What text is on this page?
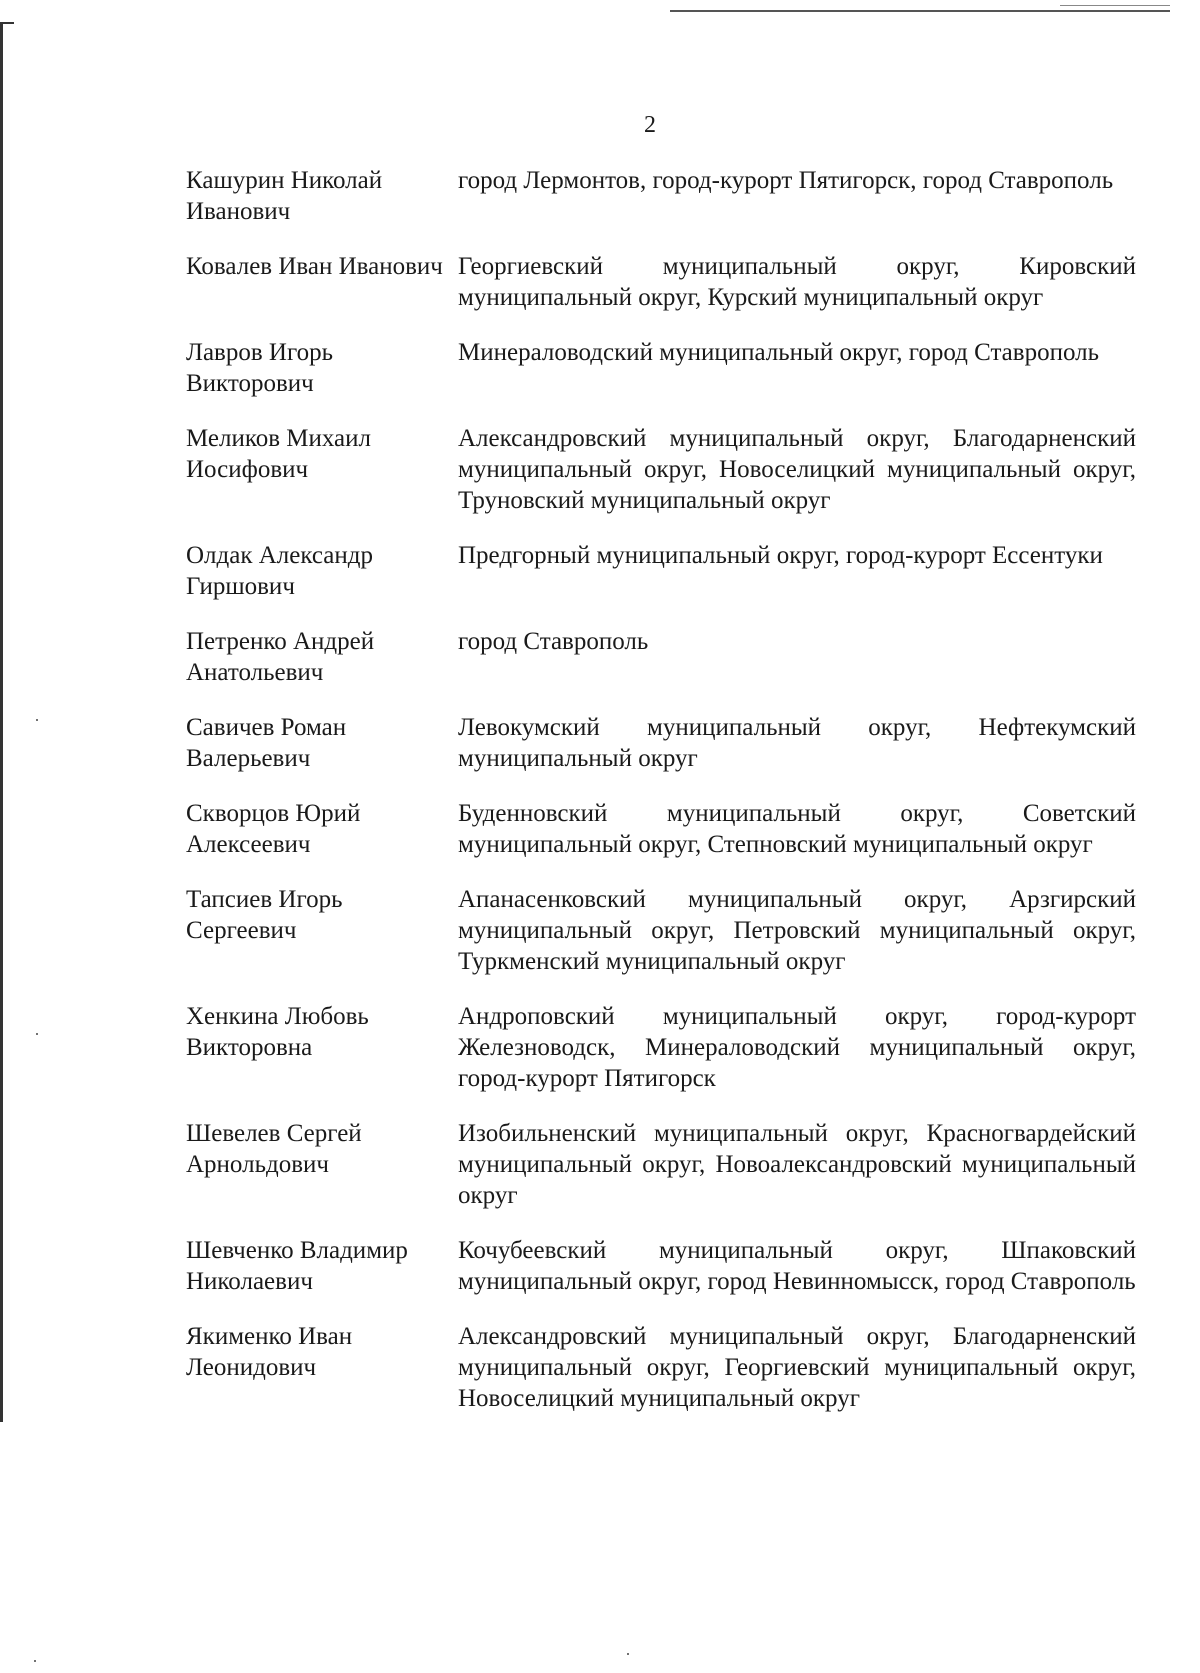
2
Кашурин Николай Иванович
город Лермонтов, город-курорт Пятигорск, город Ставрополь
Ковалев Иван Иванович Георгиевский муниципальный округ, Кировский муниципальный округ, Курский муниципальный округ
Лавров Игорь Викторович
Минераловодский муниципальный округ, город Ставрополь
Меликов Михаил Иосифович
Александровский муниципальный округ, Благодарненский муниципальный округ, Новоселицкий муниципальный округ, Труновский муниципальный округ
Олдак Александр Гиршович
Предгорный муниципальный округ, город-курорт Ессентуки
Петренко Андрей Анатольевич
город Ставрополь
Савичев Роман Валерьевич
Левокумский муниципальный округ, Нефтекумский муниципальный округ
Скворцов Юрий Алексеевич
Буденновский муниципальный округ, Советский муниципальный округ, Степновский муниципальный округ
Тапсиев Игорь Сергеевич
Апанасенковский муниципальный округ, Арзгирский муниципальный округ, Петровский муниципальный округ, Туркменский муниципальный округ
Хенкина Любовь Викторовна
Андроповский муниципальный округ, город-курорт Железноводск, Минераловодский муниципальный округ, город-курорт Пятигорск
Шевелев Сергей Арнольдович
Изобильненский муниципальный округ, Красногвардейский муниципальный округ, Новоалександровский муниципальный округ
Шевченко Владимир Николаевич
Кочубеевский муниципальный округ, Шпаковский муниципальный округ, город Невинномысск, город Ставрополь
Якименко Иван Леонидович
Александровский муниципальный округ, Благодарненский муниципальный округ, Георгиевский муниципальный округ, Новоселицкий муниципальный округ
